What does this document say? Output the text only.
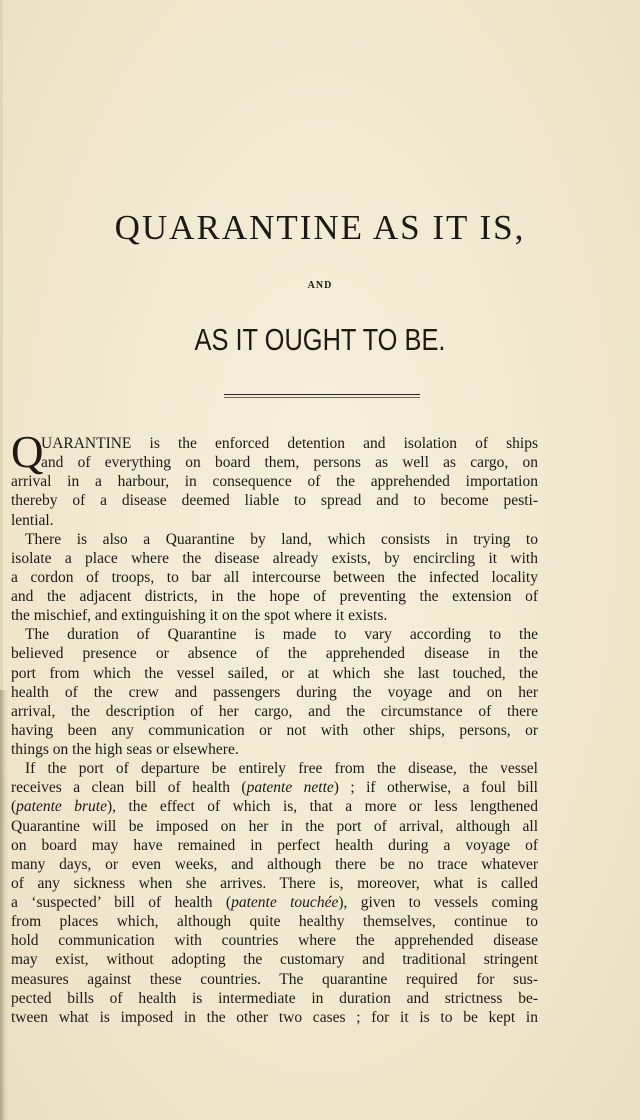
QUARANTINE AS IT IS,
AND
AS IT OUGHT TO BE.
Q
UARANTINE is the enforced detention and isolation of ships
and of everything on board them, persons as well as cargo, on
arrival in a harbour, in consequence of the apprehended importation
thereby of a disease deemed liable to spread and to become pesti-
lential.
There is also a Quarantine by land, which consists in trying to
isolate a place where the disease already exists, by encircling it with
a cordon of troops, to bar all intercourse between the infected locality
and the adjacent districts, in the hope of preventing the extension of
the mischief, and extinguishing it on the spot where it exists.
The duration of Quarantine is made to vary according to the
believed presence or absence of the apprehended disease in the
port from which the vessel sailed, or at which she last touched, the
health of the crew and passengers during the voyage and on her
arrival, the description of her cargo, and the circumstance of there
having been any communication or not with other ships, persons, or
things on the high seas or elsewhere.
If the port of departure be entirely free from the disease, the vessel
receives a clean bill of health (patente nette) ; if otherwise, a foul bill
(patente brute), the effect of which is, that a more or less lengthened
Quarantine will be imposed on her in the port of arrival, although all
on board may have remained in perfect health during a voyage of
many days, or even weeks, and although there be no trace whatever
of any sickness when she arrives. There is, moreover, what is called
a ‘suspected’ bill of health (patente touchée), given to vessels coming
from places which, although quite healthy themselves, continue to
hold communication with countries where the apprehended disease
may exist, without adopting the customary and traditional stringent
measures against these countries. The quarantine required for sus-
pected bills of health is intermediate in duration and strictness be-
tween what is imposed in the other two cases ; for it is to be kept in
